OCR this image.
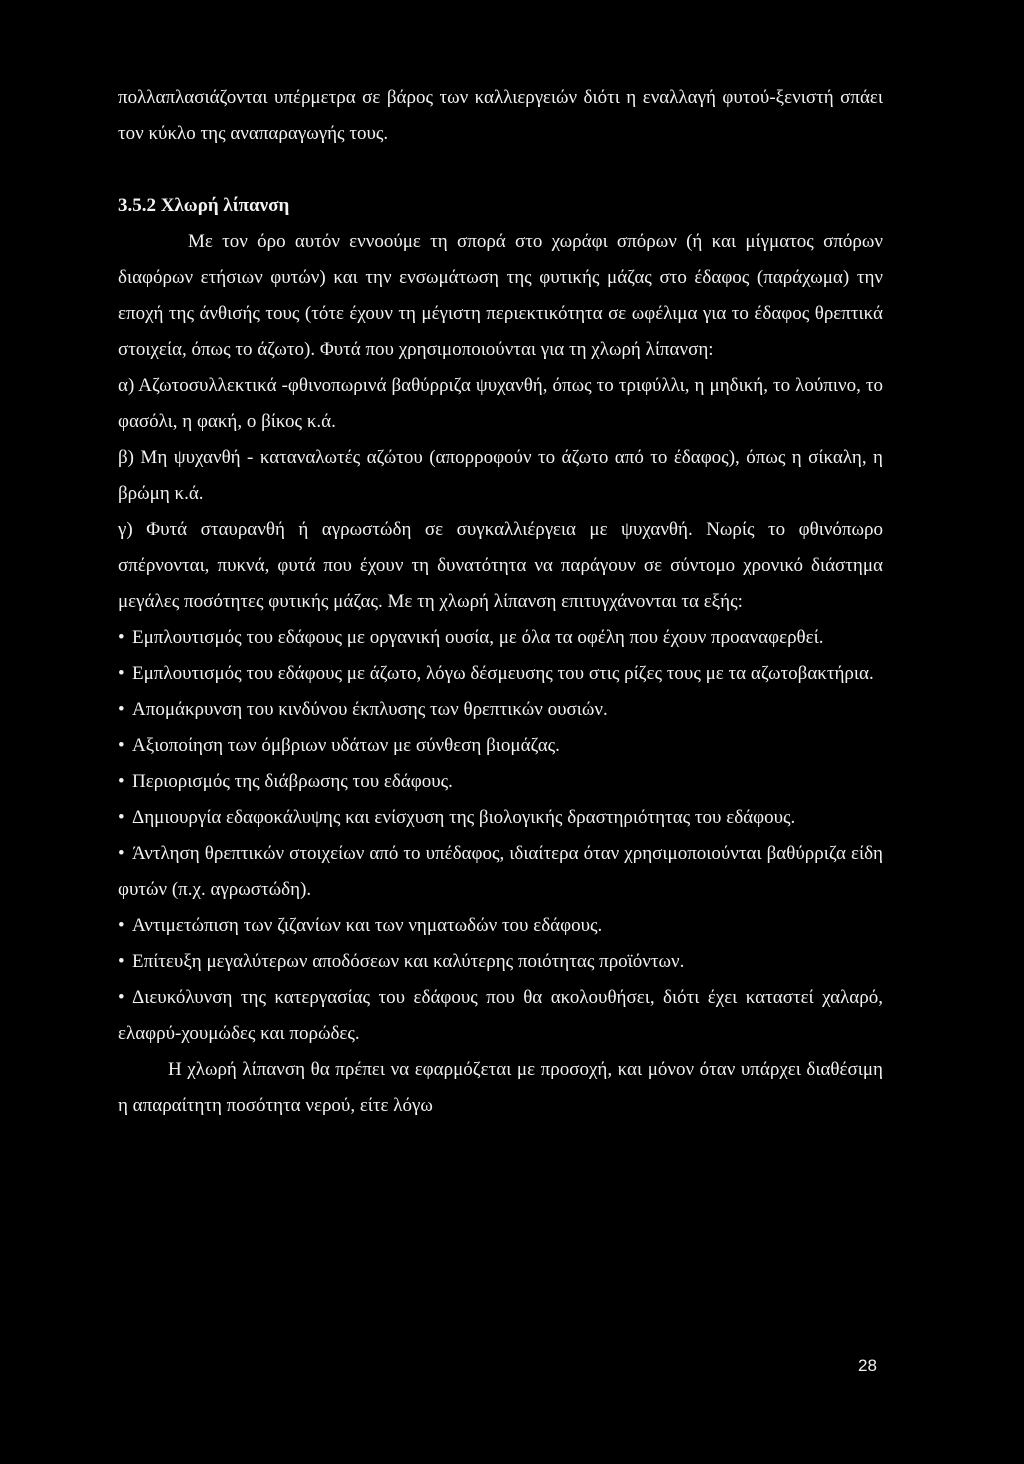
πολλαπλασιάζονται υπέρμετρα σε βάρος των καλλιεργειών διότι η εναλλαγή φυτού-ξενιστή σπάει τον κύκλο της αναπαραγωγής τους.

3.5.2 Χλωρή λίπανση

Με τον όρο αυτόν εννοούμε τη σπορά στο χωράφι σπόρων (ή και μίγματος σπόρων διαφόρων ετήσιων φυτών) και την ενσωμάτωση της φυτικής μάζας στο έδαφος (παράχωμα) την εποχή της άνθισής τους (τότε έχουν τη μέγιστη περιεκτικότητα σε ωφέλιμα για το έδαφος θρεπτικά στοιχεία, όπως το άζωτο). Φυτά που χρησιμοποιούνται για τη χλωρή λίπανση:

α) Αζωτοσυλλεκτικά -φθινοπωρινά βαθύρριζα ψυχανθή, όπως το τριφύλλι, η μηδική, το λούπινο, το φασόλι, η φακή, ο βίκος κ.ά.

β) Μη ψυχανθή - καταναλωτές αζώτου (απορροφούν το άζωτο από το έδαφος), όπως η σίκαλη, η βρώμη κ.ά.

γ) Φυτά σταυρανθή ή αγρωστώδη σε συγκαλλιέργεια με ψυχανθή. Νωρίς το φθινόπωρο σπέρνονται, πυκνά, φυτά που έχουν τη δυνατότητα να παράγουν σε σύντομο χρονικό διάστημα μεγάλες ποσότητες φυτικής μάζας. Με τη χλωρή λίπανση επιτυγχάνονται τα εξής:

• Εμπλουτισμός του εδάφους με οργανική ουσία, με όλα τα οφέλη που έχουν προαναφερθεί.

• Εμπλουτισμός του εδάφους με άζωτο, λόγω δέσμευσης του στις ρίζες τους με τα αζωτοβακτήρια.

• Απομάκρυνση του κινδύνου έκπλυσης των θρεπτικών ουσιών.

• Αξιοποίηση των όμβριων υδάτων με σύνθεση βιομάζας.

• Περιορισμός της διάβρωσης του εδάφους.

• Δημιουργία εδαφοκάλυψης και ενίσχυση της βιολογικής δραστηριότητας του εδάφους.

• Άντληση θρεπτικών στοιχείων από το υπέδαφος, ιδιαίτερα όταν χρησιμοποιούνται βαθύρριζα είδη φυτών (π.χ. αγρωστώδη).

• Αντιμετώπιση των ζιζανίων και των νηματωδών του εδάφους.

• Επίτευξη μεγαλύτερων αποδόσεων και καλύτερης ποιότητας προϊόντων.

• Διευκόλυνση της κατεργασίας του εδάφους που θα ακολουθήσει, διότι έχει καταστεί χαλαρό, ελαφρύ-χουμώδες και πορώδες.

Η χλωρή λίπανση θα πρέπει να εφαρμόζεται με προσοχή, και μόνον όταν υπάρχει διαθέσιμη η απαραίτητη ποσότητα νερού, είτε λόγω

28
